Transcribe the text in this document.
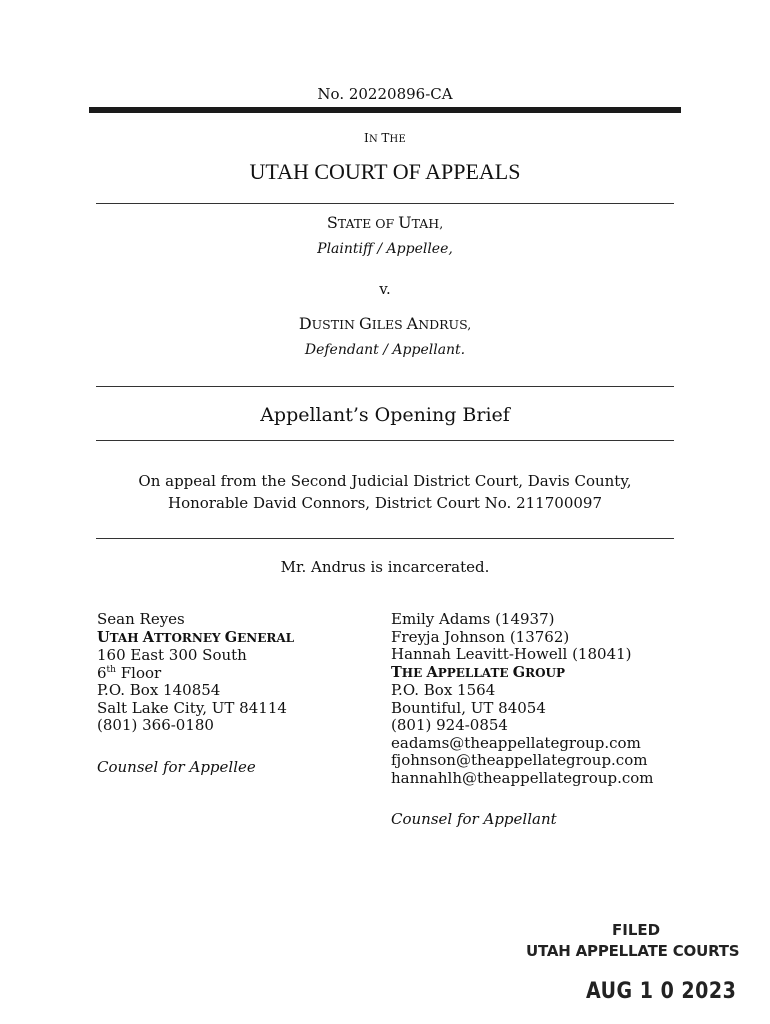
No. 20220896-CA
IN THE
UTAH COURT OF APPEALS
STATE OF UTAH,
Plaintiff / Appellee,
v.
DUSTIN GILES ANDRUS,
Defendant / Appellant.
Appellant’s Opening Brief
On appeal from the Second Judicial District Court, Davis County,
Honorable David Connors, District Court No. 211700097
Mr. Andrus is incarcerated.
Sean Reyes
UTAH ATTORNEY GENERAL
160 East 300 South
6th Floor
P.O. Box 140854
Salt Lake City, UT 84114
(801) 366-0180
Counsel for Appellee
Emily Adams (14937)
Freyja Johnson (13762)
Hannah Leavitt-Howell (18041)
THE APPELLATE GROUP
P.O. Box 1564
Bountiful, UT 84054
(801) 924-0854
eadams@theappellategroup.com
fjohnson@theappellategroup.com
hannahlh@theappellategroup.com
Counsel for Appellant
FILED
UTAH APPELLATE COURTS
AUG 1 0 2023
